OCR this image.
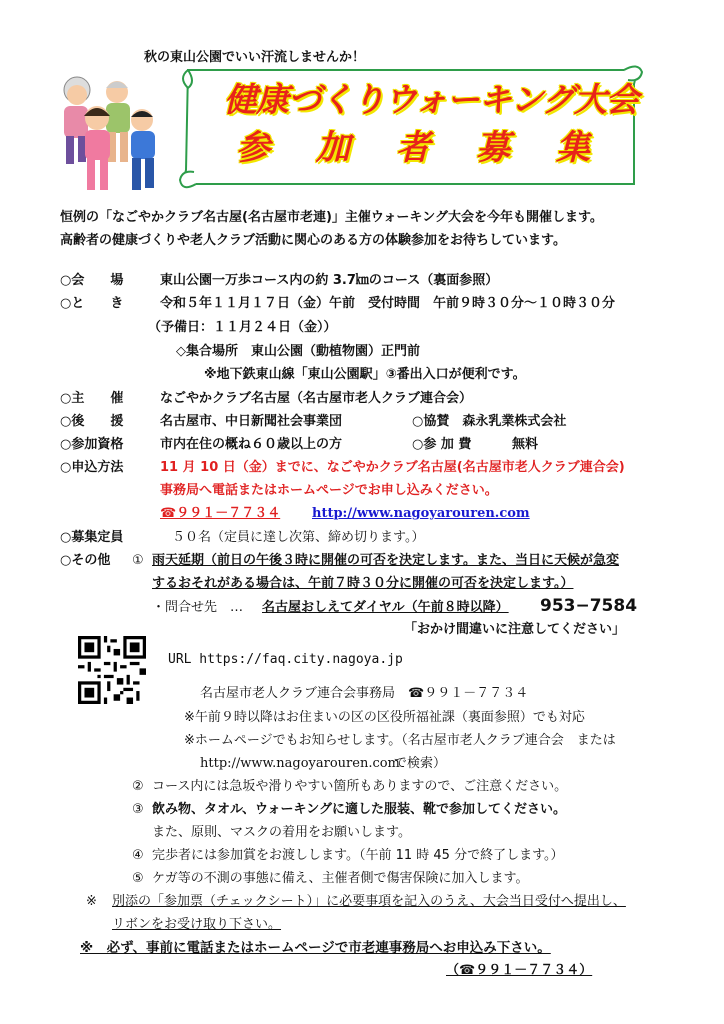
秋の東山公園でいい汗流しませんか！
健康づくりウォーキング大会
参　加　者　募　集
恒例の「なごやかクラブ名古屋(名古屋市老連)」主催ウォーキング大会を今年も開催します。
高齢者の健康づくりや老人クラブ活動に関心のある方の体験参加をお待ちしています。
○会　　場	東山公園一万歩コース内の約 3.7㎞のコース（裏面参照）
○と　　き	令和５年１１月１７日（金）午前　受付時間　午前９時３０分～１０時３０分
（予備日：１１月２４日（金））
◇集合場所　東山公園（動植物園）正門前
※地下鉄東山線「東山公園駅」③番出入口が便利です。
○主　　催	なごやかクラブ名古屋（名古屋市老人クラブ連合会）
○後　　援	名古屋市、中日新聞社会事業団	○協賛　森永乳業株式会社
○参加資格	市内在住の概ね６０歳以上の方	○参 加 費	無料
○申込方法	11 月 10 日（金）までに、なごやかクラブ名古屋(名古屋市老人クラブ連合会)
事務局へ電話またはホームページでお申し込みください。
☎９９１－７７３４ http://www.nagoyarouren.com
○募集定員	５０名（定員に達し次第、締め切ります。）
○その他 ① 雨天延期（前日の午後３時に開催の可否を決定します。また、当日に天候が急変
するおそれがある場合は、午前７時３０分に開催の可否を決定します。）
・問合せ先　… 名古屋おしえてダイヤル（午前８時以降） 953−7584
「おかけ間違いに注意してください」
URL https://faq.city.nagoya.jp
名古屋市老人クラブ連合会事務局　☎９９１－７７３４
※午前９時以降はお住まいの区の区役所福祉課（裏面参照）でも対応
※ホームページでもお知らせします。（名古屋市老人クラブ連合会　または
http://www.nagoyarouren.com
で検索）
② コース内には急坂や滑りやすい箇所もありますので、ご注意ください。
③ 飲み物、タオル、ウォーキングに適した服装、靴で参加してください。
また、原則、マスクの着用をお願いします。
④ 完歩者には参加賞をお渡しします。（午前 11 時 45 分で終了します。）
⑤ ケガ等の不測の事態に備え、主催者側で傷害保険に加入します。
※ 別添の「参加票（チェックシート）」に必要事項を記入のうえ、大会当日受付へ提出し、
リボンをお受け取り下さい。
※　必ず、事前に電話またはホームページで市老連事務局へお申込み下さい。
（☎９９１－７７３４）
